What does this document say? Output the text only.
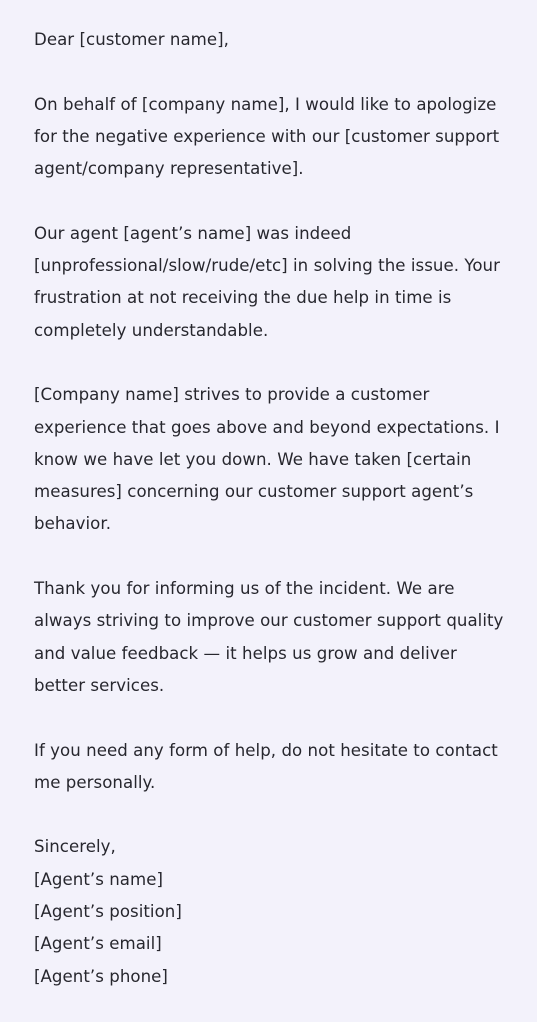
Dear [customer name],

On behalf of [company name], I would like to apologize for the negative experience with our [customer support agent/company representative].

Our agent [agent’s name] was indeed [unprofessional/slow/rude/etc] in solving the issue. Your frustration at not receiving the due help in time is completely understandable.

[Company name] strives to provide a customer experience that goes above and beyond expectations. I know we have let you down. We have taken [certain measures] concerning our customer support agent’s behavior.

Thank you for informing us of the incident. We are always striving to improve our customer support quality and value feedback — it helps us grow and deliver better services.

If you need any form of help, do not hesitate to contact me personally.

Sincerely,
[Agent’s name]
[Agent’s position]
[Agent’s email]
[Agent’s phone]
